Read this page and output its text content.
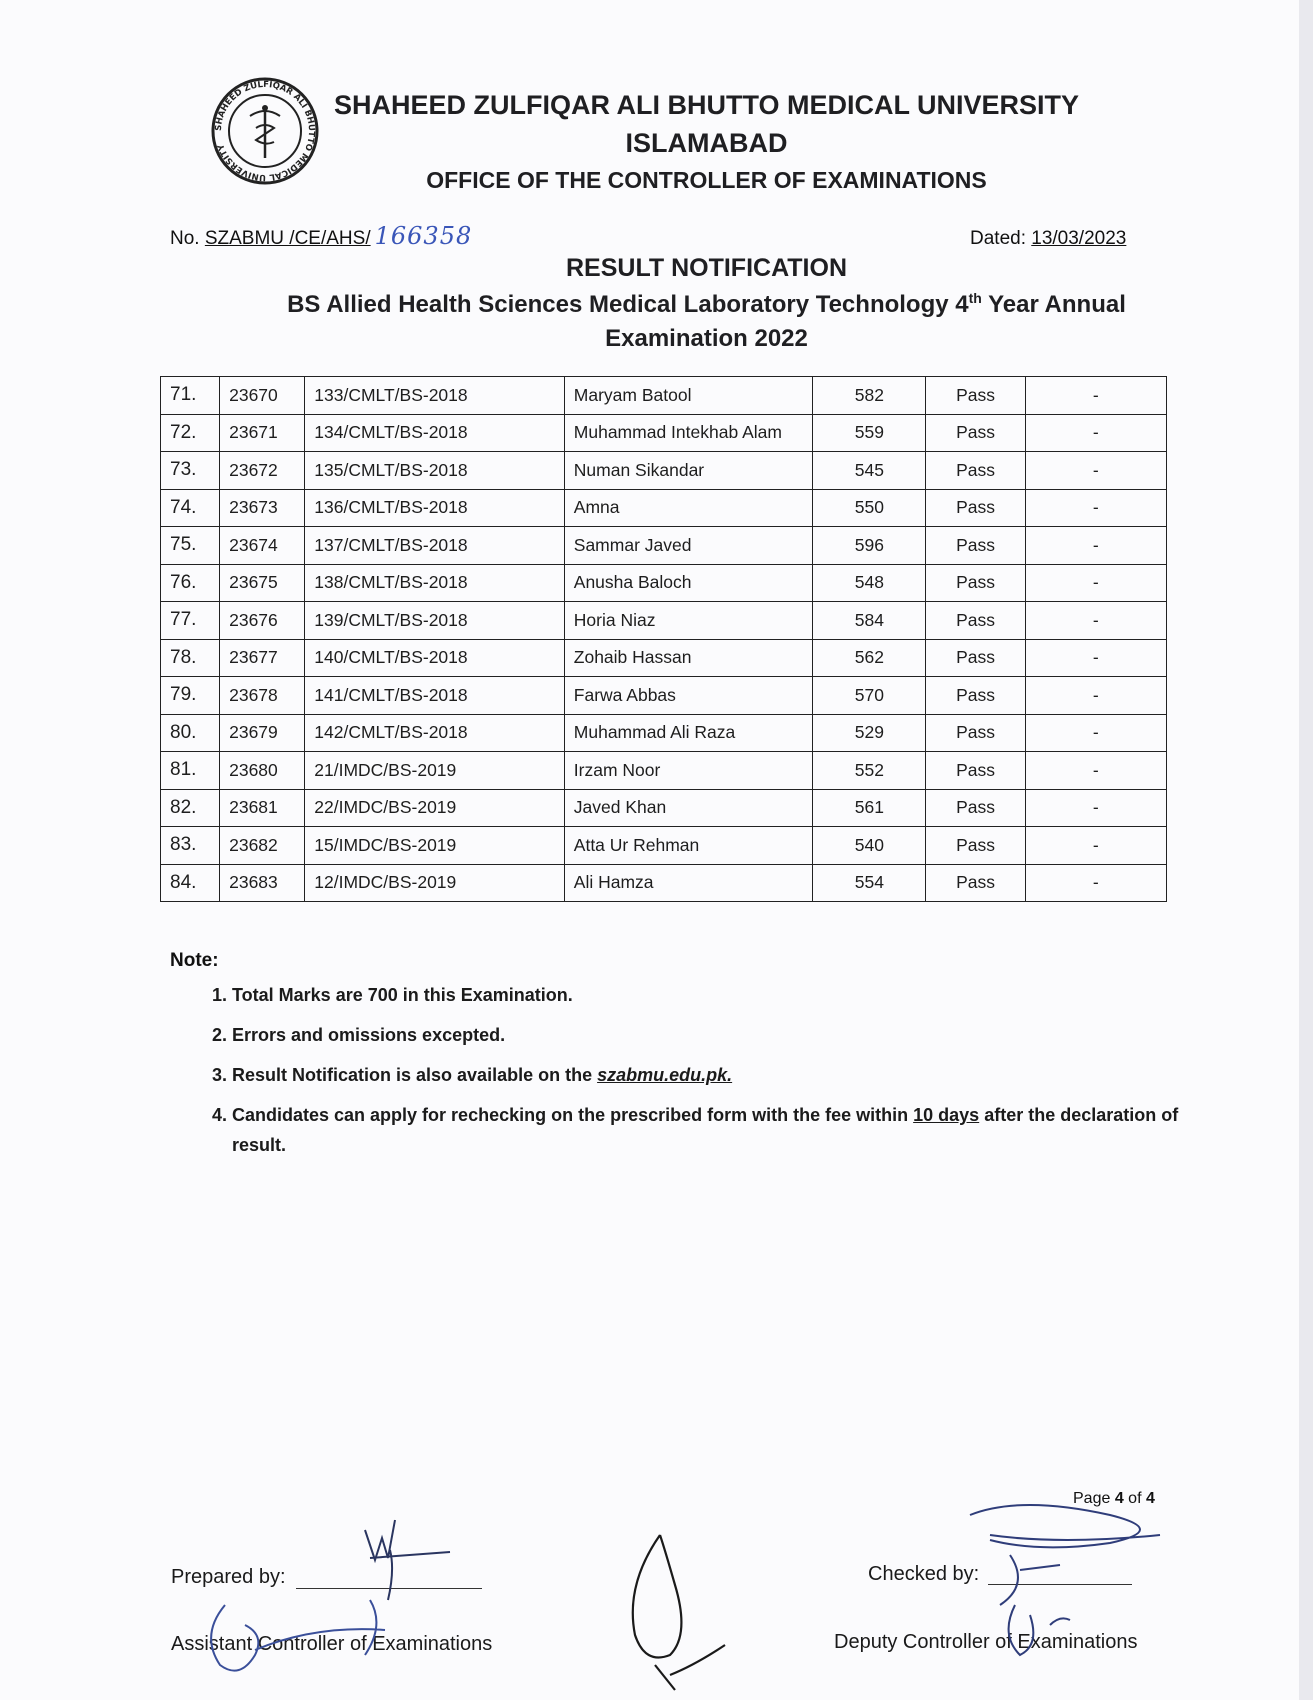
SHAHEED ZULFIQAR ALI BHUTTO MEDICAL UNIVERSITY
SHAHEED ZULFIQAR ALI BHUTTO MEDICAL UNIVERSITY
ISLAMABAD
OFFICE OF THE CONTROLLER OF EXAMINATIONS
No. SZABMU /CE/AHS/ 166358	Dated: 13/03/2023
RESULT NOTIFICATION
BS Allied Health Sciences Medical Laboratory Technology 4th Year Annual
Examination 2022
71.	23670	133/CMLT/BS-2018	Maryam Batool	582	Pass	-
72.	23671	134/CMLT/BS-2018	Muhammad Intekhab Alam	559	Pass	-
73.	23672	135/CMLT/BS-2018	Numan Sikandar	545	Pass	-
74.	23673	136/CMLT/BS-2018	Amna	550	Pass	-
75.	23674	137/CMLT/BS-2018	Sammar Javed	596	Pass	-
76.	23675	138/CMLT/BS-2018	Anusha Baloch	548	Pass	-
77.	23676	139/CMLT/BS-2018	Horia Niaz	584	Pass	-
78.	23677	140/CMLT/BS-2018	Zohaib Hassan	562	Pass	-
79.	23678	141/CMLT/BS-2018	Farwa Abbas	570	Pass	-
80.	23679	142/CMLT/BS-2018	Muhammad Ali Raza	529	Pass	-
81.	23680	21/IMDC/BS-2019	Irzam Noor	552	Pass	-
82.	23681	22/IMDC/BS-2019	Javed Khan	561	Pass	-
83.	23682	15/IMDC/BS-2019	Atta Ur Rehman	540	Pass	-
84.	23683	12/IMDC/BS-2019	Ali Hamza	554	Pass	-
Note:
1. Total Marks are 700 in this Examination.
2. Errors and omissions excepted.
3. Result Notification is also available on the szabmu.edu.pk.
4. Candidates can apply for rechecking on the prescribed form with the fee within 10 days after the declaration of result.
Page 4 of 4
Prepared by:
Assistant Controller of Examinations
Checked by:
Deputy Controller of Examinations
